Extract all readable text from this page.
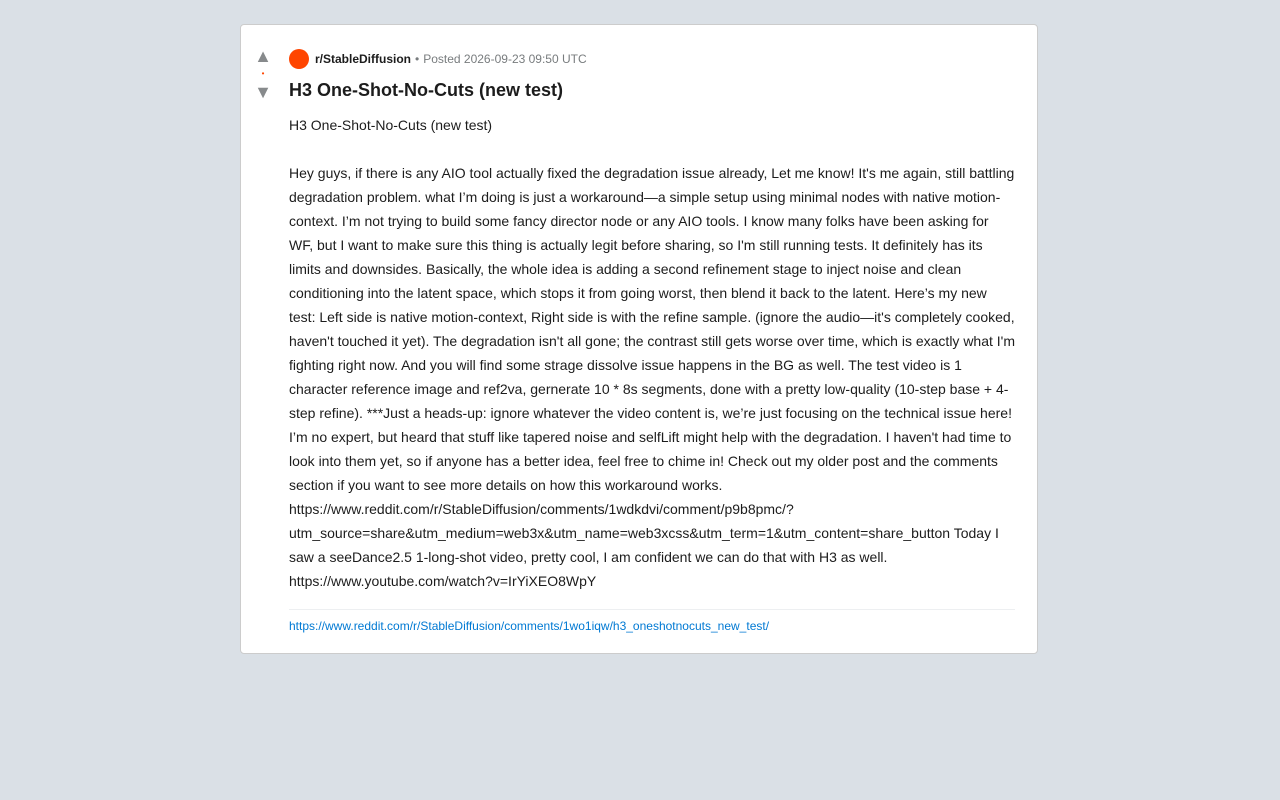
▲
•
▼
r/StableDiffusion • Posted 2026-09-23 09:50 UTC
H3 One-Shot-No-Cuts (new test)

H3 One-Shot-No-Cuts (new test)

Hey guys, if there is any AIO tool actually fixed the degradation issue already, Let me know! It's me again, still battling degradation problem. what I’m doing is just a workaround—a simple setup using minimal nodes with native motion-context. I’m not trying to build some fancy director node or any AIO tools. I know many folks have been asking for WF, but I want to make sure this thing is actually legit before sharing, so I'm still running tests. It definitely has its limits and downsides. Basically, the whole idea is adding a second refinement stage to inject noise and clean conditioning into the latent space, which stops it from going worst, then blend it back to the latent. Here’s my new test: Left side is native motion-context, Right side is with the refine sample. (ignore the audio—it's completely cooked, haven't touched it yet). The degradation isn't all gone; the contrast still gets worse over time, which is exactly what I'm fighting right now. And you will find some strage dissolve issue happens in the BG as well. The test video is 1 character reference image and ref2va, gernerate 10 * 8s segments, done with a pretty low-quality (10-step base + 4-step refine). ***Just a heads-up: ignore whatever the video content is, we’re just focusing on the technical issue here! I’m no expert, but heard that stuff like tapered noise and selfLift might help with the degradation. I haven't had time to look into them yet, so if anyone has a better idea, feel free to chime in! Check out my older post and the comments section if you want to see more details on how this workaround works. https://www.reddit.com/r/StableDiffusion/comments/1wdkdvi/comment/p9b8pmc/?utm_source=share&utm_medium=web3x&utm_name=web3xcss&utm_term=1&utm_content=share_button Today I saw a seeDance2.5 1-long-shot video, pretty cool, I am confident we can do that with H3 as well. https://www.youtube.com/watch?v=IrYiXEO8WpY

https://www.reddit.com/r/StableDiffusion/comments/1wo1iqw/h3_oneshotnocuts_new_test/
